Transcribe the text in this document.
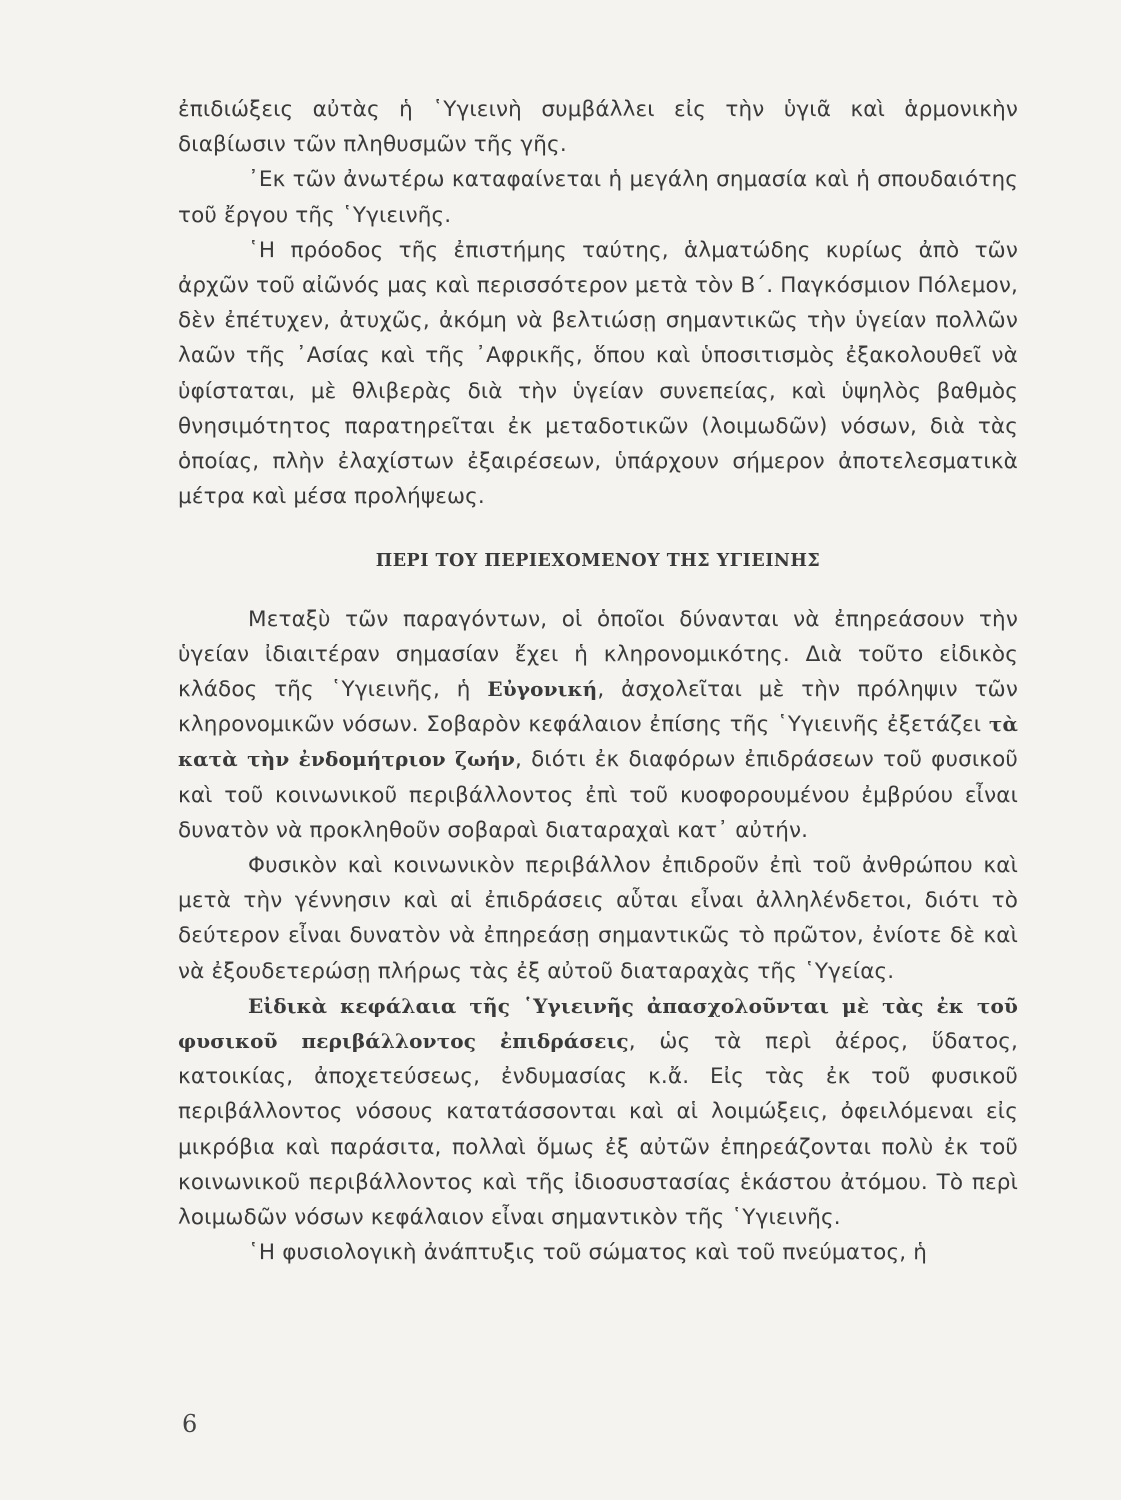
ἐπιδιώξεις αὐτὰς ἡ ῾Υγιεινὴ συμβάλλει εἰς τὴν ὑγιᾶ καὶ ἁρμονικὴν διαβίωσιν τῶν πληθυσμῶν τῆς γῆς.

᾿Εκ τῶν ἀνωτέρω καταφαίνεται ἡ μεγάλη σημασία καὶ ἡ σπουδαιότης τοῦ ἔργου τῆς ῾Υγιεινῆς.

῾Η πρόοδος τῆς ἐπιστήμης ταύτης, ἁλματώδης κυρίως ἀπὸ τῶν ἀρχῶν τοῦ αἰῶνός μας καὶ περισσότερον μετὰ τὸν Β΄. Παγκόσμιον Πόλεμον, δὲν ἐπέτυχεν, ἀτυχῶς, ἀκόμη νὰ βελτιώσῃ σημαντικῶς τὴν ὑγείαν πολλῶν λαῶν τῆς ᾿Ασίας καὶ τῆς ᾿Αφρικῆς, ὅπου καὶ ὑποσιτισμὸς ἐξακολουθεῖ νὰ ὑφίσταται, μὲ θλιβερὰς διὰ τὴν ὑγείαν συνεπείας, καὶ ὑψηλὸς βαθμὸς θνησιμότητος παρατηρεῖται ἐκ μεταδοτικῶν (λοιμωδῶν) νόσων, διὰ τὰς ὁποίας, πλὴν ἐλαχίστων ἐξαιρέσεων, ὑπάρχουν σήμερον ἀποτελεσματικὰ μέτρα καὶ μέσα προλήψεως.

ΠΕΡΙ ΤΟΥ ΠΕΡΙΕΧΟΜΕΝΟΥ ΤΗΣ ΥΓΙΕΙΝΗΣ

Μεταξὺ τῶν παραγόντων, οἱ ὁποῖοι δύνανται νὰ ἐπηρεάσουν τὴν ὑγείαν ἰδιαιτέραν σημασίαν ἔχει ἡ κληρονομικότης. Διὰ τοῦτο εἰδικὸς κλάδος τῆς ῾Υγιεινῆς, ἡ Εὐγονική, ἀσχολεῖται μὲ τὴν πρόληψιν τῶν κληρονομικῶν νόσων. Σοβαρὸν κεφάλαιον ἐπίσης τῆς ῾Υγιεινῆς ἐξετάζει τὰ κατὰ τὴν ἐνδομήτριον ζωήν, διότι ἐκ διαφόρων ἐπιδράσεων τοῦ φυσικοῦ καὶ τοῦ κοινωνικοῦ περιβάλλοντος ἐπὶ τοῦ κυοφορουμένου ἐμβρύου εἶναι δυνατὸν νὰ προκληθοῦν σοβαραὶ διαταραχαὶ κατ᾿ αὐτήν.

Φυσικὸν καὶ κοινωνικὸν περιβάλλον ἐπιδροῦν ἐπὶ τοῦ ἀνθρώπου καὶ μετὰ τὴν γέννησιν καὶ αἱ ἐπιδράσεις αὗται εἶναι ἀλληλένδετοι, διότι τὸ δεύτερον εἶναι δυνατὸν νὰ ἐπηρεάσῃ σημαντικῶς τὸ πρῶτον, ἐνίοτε δὲ καὶ νὰ ἐξουδετερώσῃ πλήρως τὰς ἐξ αὐτοῦ διαταραχὰς τῆς ῾Υγείας.

Εἰδικὰ κεφάλαια τῆς ῾Υγιεινῆς ἀπασχολοῦνται μὲ τὰς ἐκ τοῦ φυσικοῦ περιβάλλοντος ἐπιδράσεις, ὡς τὰ περὶ ἀέρος, ὕδατος, κατοικίας, ἀποχετεύσεως, ἐνδυμασίας κ.ἄ. Εἰς τὰς ἐκ τοῦ φυσικοῦ περιβάλλοντος νόσους κατατάσσονται καὶ αἱ λοιμώξεις, ὀφειλόμεναι εἰς μικρόβια καὶ παράσιτα, πολλαὶ ὅμως ἐξ αὐτῶν ἐπηρεάζονται πολὺ ἐκ τοῦ κοινωνικοῦ περιβάλλοντος καὶ τῆς ἰδιοσυστασίας ἑκάστου ἀτόμου. Τὸ περὶ λοιμωδῶν νόσων κεφάλαιον εἶναι σημαντικὸν τῆς ῾Υγιεινῆς.

῾Η φυσιολογικὴ ἀνάπτυξις τοῦ σώματος καὶ τοῦ πνεύματος, ἡ

6
